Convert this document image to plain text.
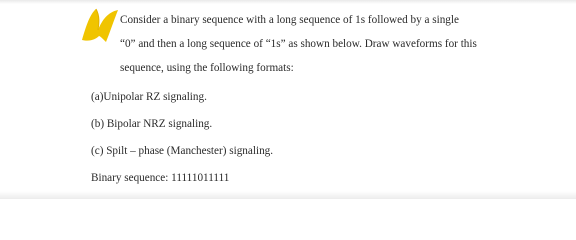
Consider a binary sequence with a long sequence of 1s followed by a single
“0” and then a long sequence of “1s” as shown below. Draw waveforms for this
sequence, using the following formats:
(a)Unipolar RZ signaling.
(b) Bipolar NRZ signaling.
(c) Spilt – phase (Manchester) signaling.
Binary sequence: 11111011111
